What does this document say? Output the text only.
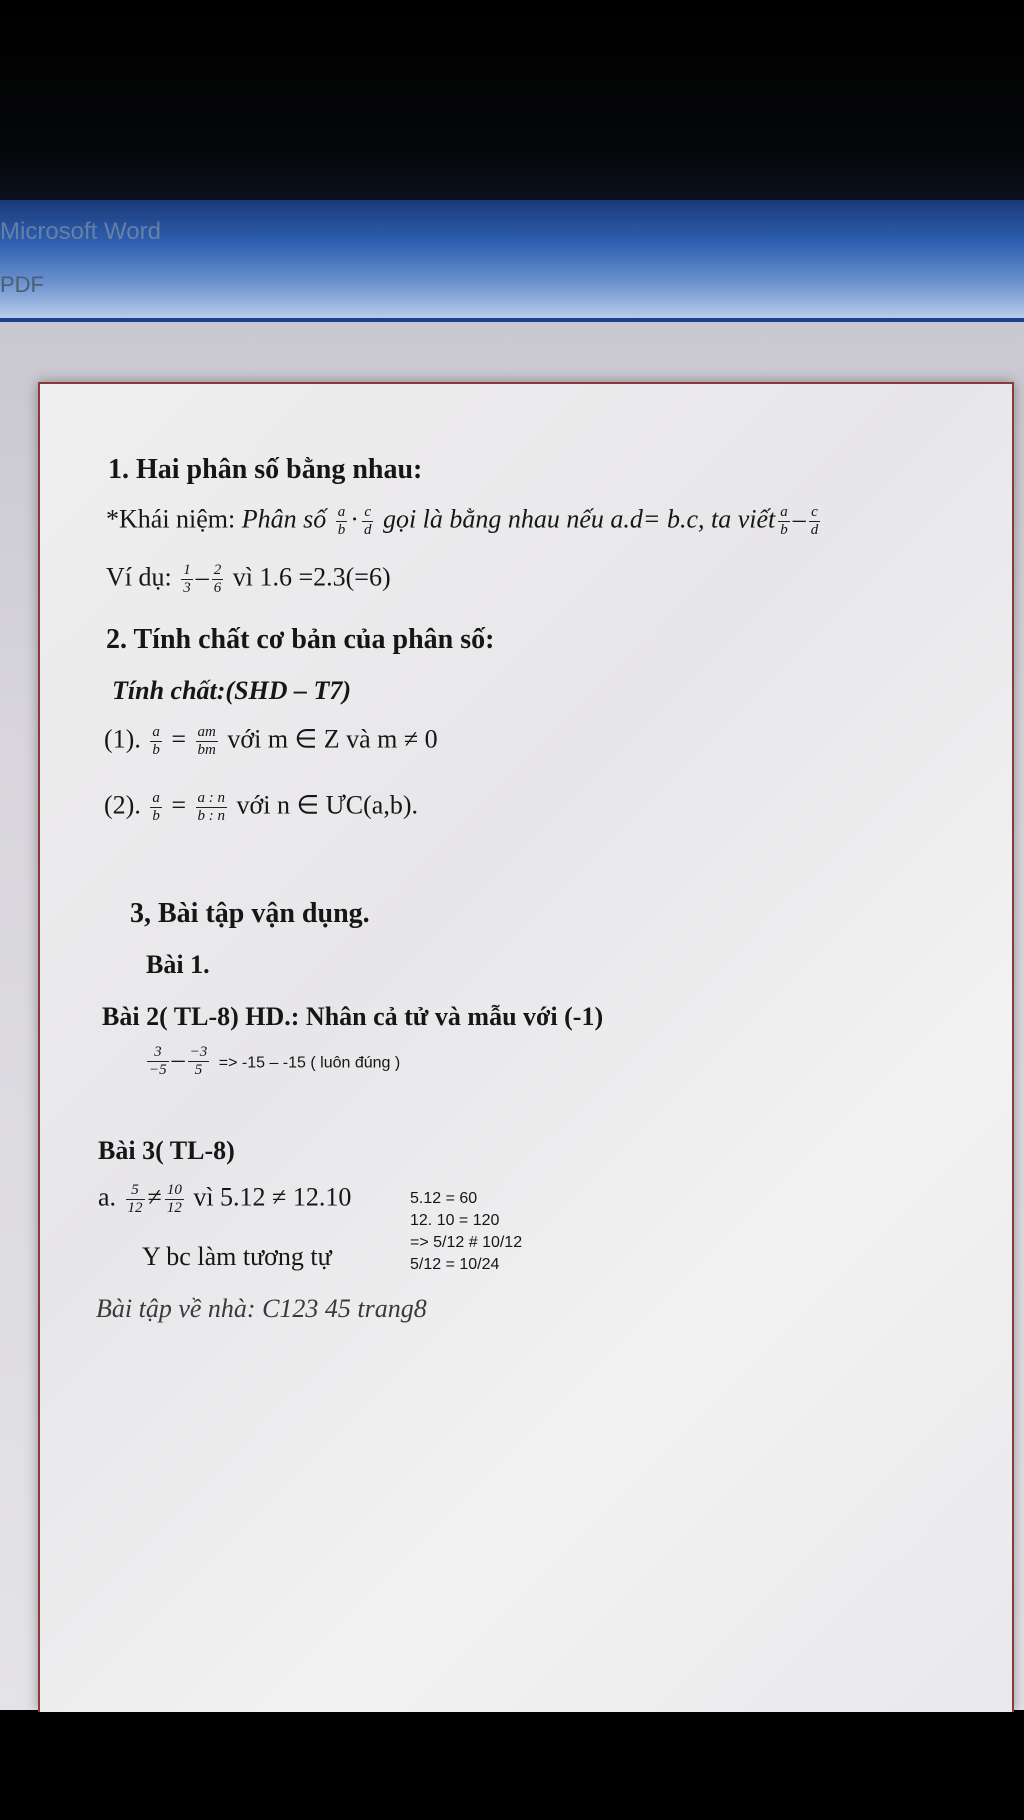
Microsoft Word
PDF
1. Hai phân số bằng nhau:
*Khái niệm: Phân số $\frac{a}{b} \cdot \frac{c}{d}$ gọi là bằng nhau nếu a.d= b.c, ta viết $\frac{a}{b} - \frac{c}{d}$
Ví dụ: $\frac{1}{3} - \frac{2}{6}$ vì 1.6 =2.3(=6)
2. Tính chất cơ bản của phân số:
Tính chất:(SHD – T7)
(1). $\frac{a}{b} = \frac{am}{bm}$ với m ∈ Z và m ≠ 0
(2). $\frac{a}{b} = \frac{a : n}{b : n}$ với n ∈ ƯC(a,b).
3, Bài tập vận dụng.
Bài 1.
Bài 2( TL-8) HD.: Nhân cả tử và mẫu với (-1)
$\frac{3}{-5} - \frac{-3}{5} => -15 - -15$ ( luôn đúng )
Bài 3( TL-8)
a. $\frac{5}{12} \ne \frac{10}{12}$ vì 5.12 ≠ 12.10	5.12 = 60
12. 10 = 120
=> 5/12 # 10/12
5/12 = 10/24
Y bc làm tương tự
Bài tập về nhà: C123 45 trang8
